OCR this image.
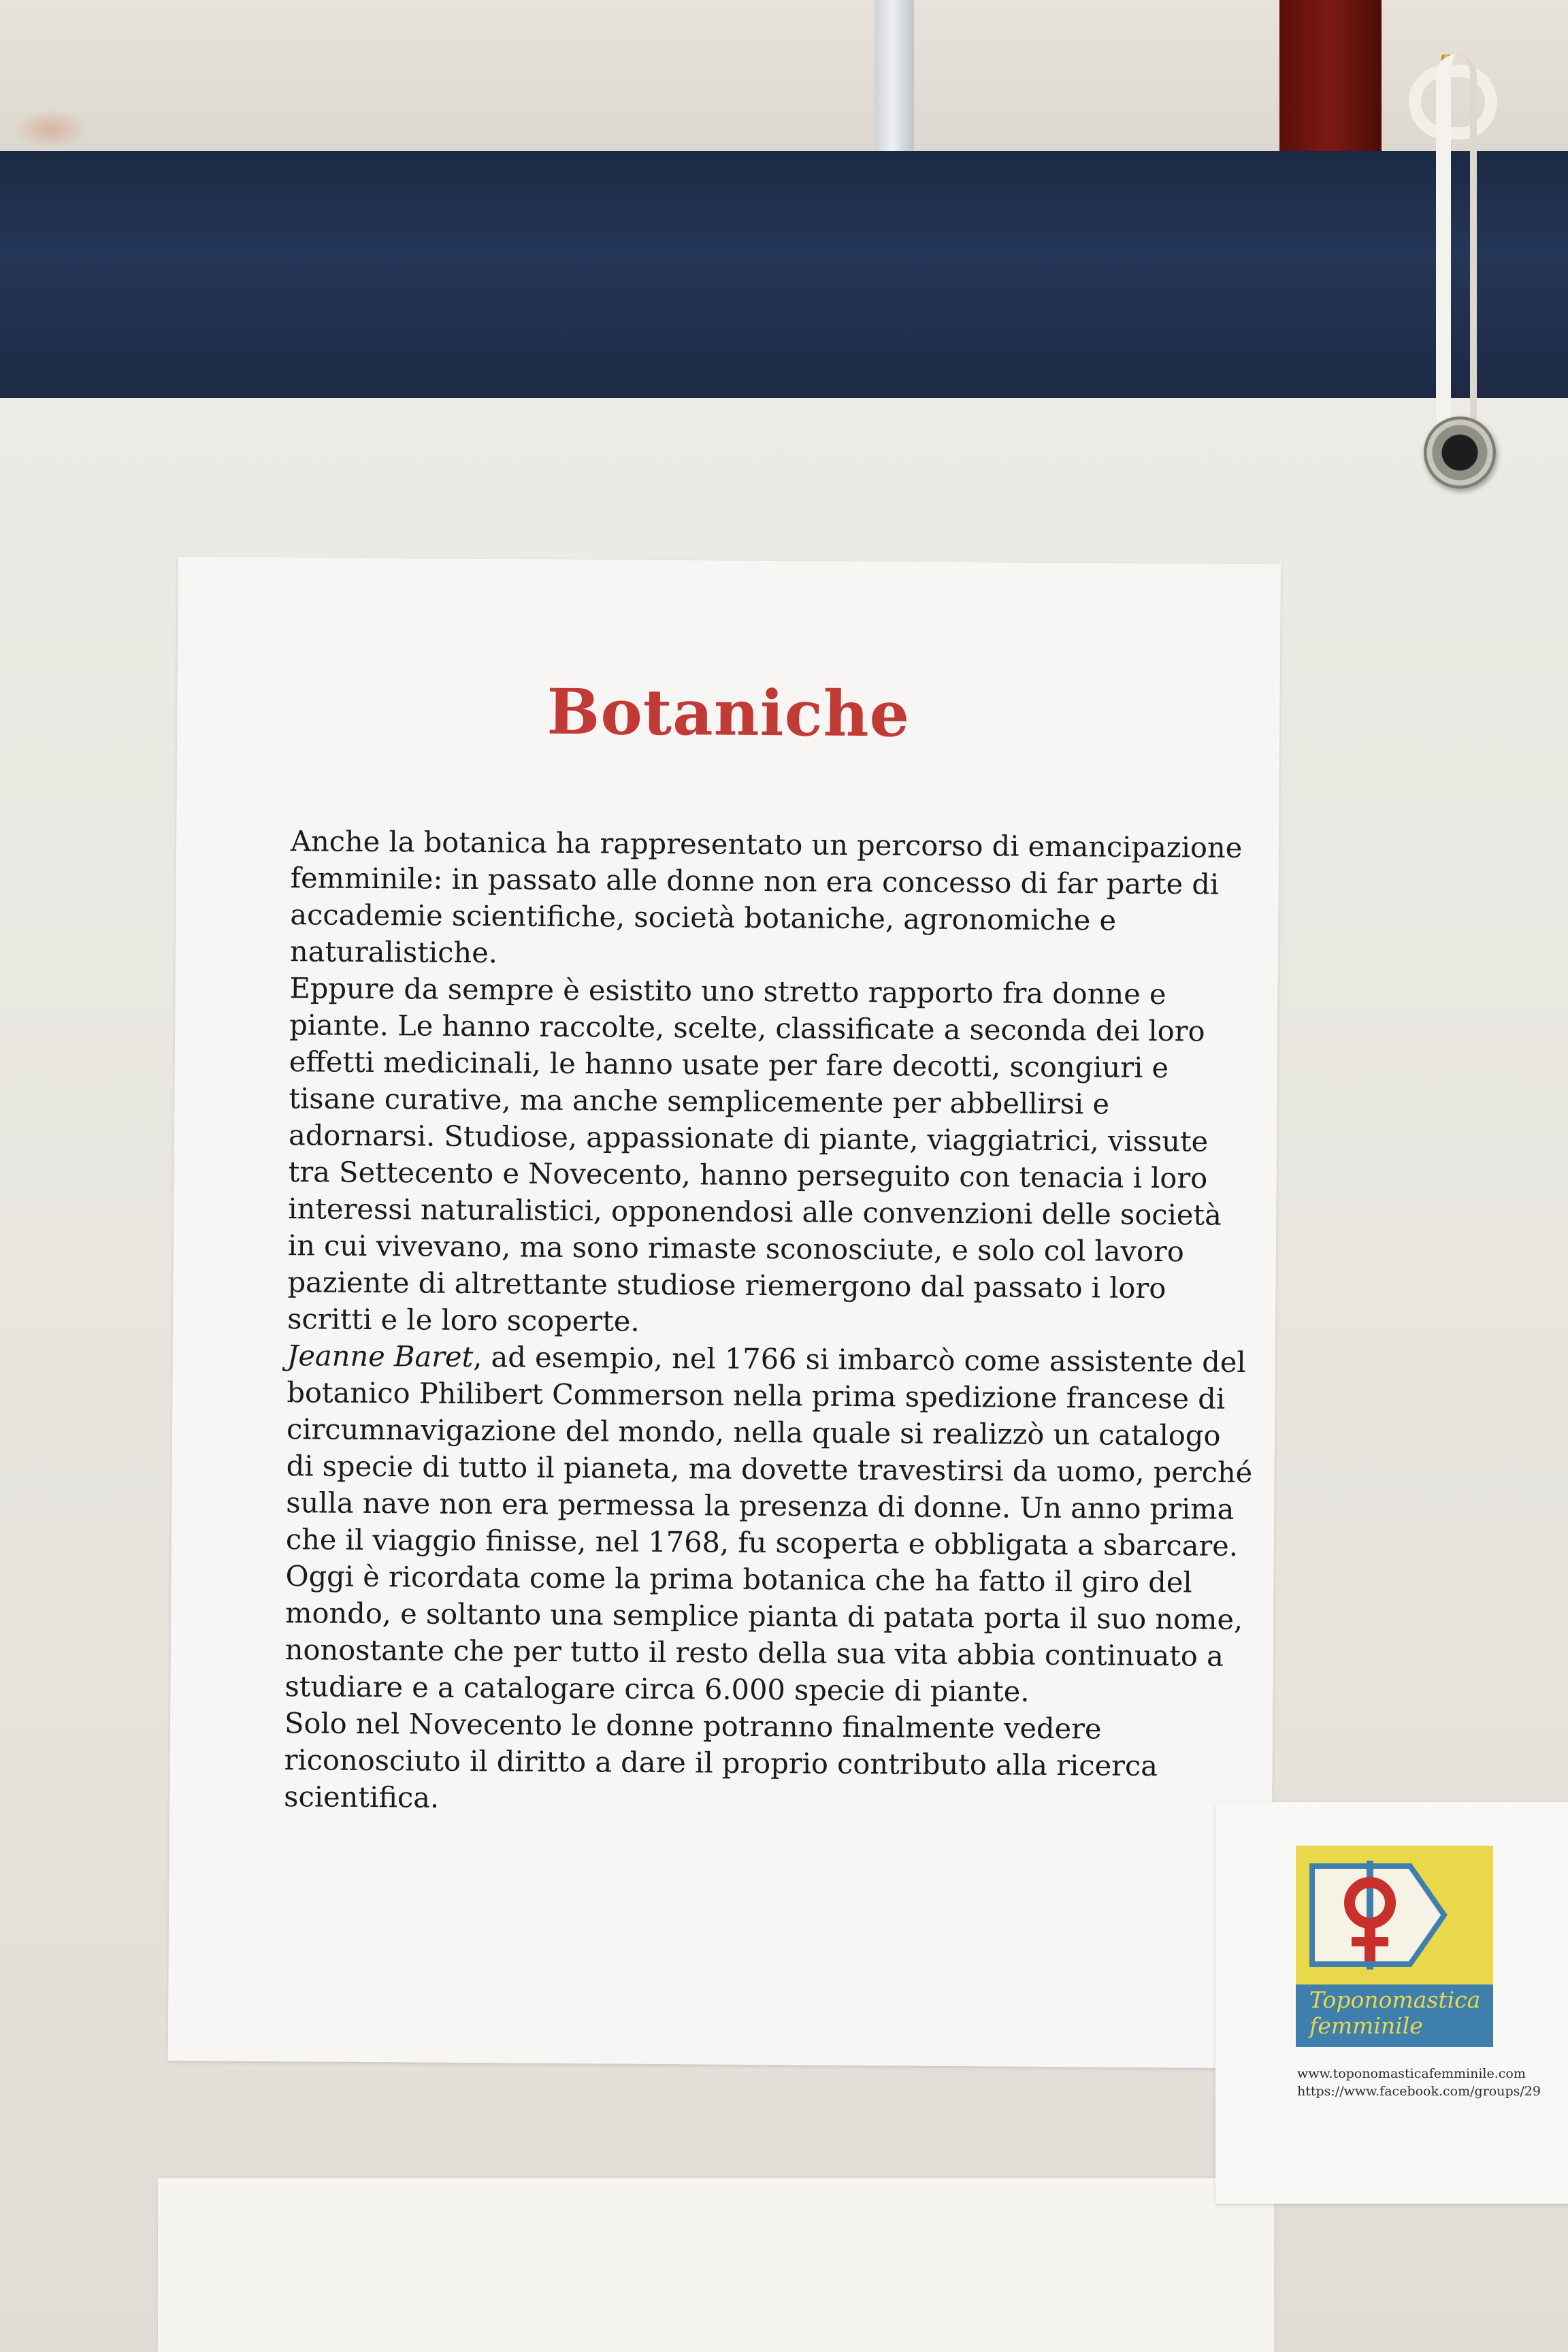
Botaniche

Anche la botanica ha rappresentato un percorso di emancipazione femminile: in passato alle donne non era concesso di far parte di accademie scientifiche, società botaniche, agronomiche e naturalistiche.

Eppure da sempre è esistito uno stretto rapporto fra donne e piante. Le hanno raccolte, scelte, classificate a seconda dei loro effetti medicinali, le hanno usate per fare decotti, scongiuri e tisane curative, ma anche semplicemente per abbellirsi e adornarsi. Studiose, appassionate di piante, viaggiatrici, vissute tra Settecento e Novecento, hanno perseguito con tenacia i loro interessi naturalistici, opponendosi alle convenzioni delle società in cui vivevano, ma sono rimaste sconosciute, e solo col lavoro paziente di altrettante studiose riemergono dal passato i loro scritti e le loro scoperte.

Jeanne Baret, ad esempio, nel 1766 si imbarcò come assistente del botanico Philibert Commerson nella prima spedizione francese di circumnavigazione del mondo, nella quale si realizzò un catalogo di specie di tutto il pianeta, ma dovette travestirsi da uomo, perché sulla nave non era permessa la presenza di donne. Un anno prima che il viaggio finisse, nel 1768, fu scoperta e obbligata a sbarcare. Oggi è ricordata come la prima botanica che ha fatto il giro del mondo, e soltanto una semplice pianta di patata porta il suo nome, nonostante che per tutto il resto della sua vita abbia continuato a studiare e a catalogare circa 6.000 specie di piante.

Solo nel Novecento le donne potranno finalmente vedere riconosciuto il diritto a dare il proprio contributo alla ricerca scientifica.

Toponomastica
femminile
www.toponomasticafemminile.com
https://www.facebook.com/groups/29
